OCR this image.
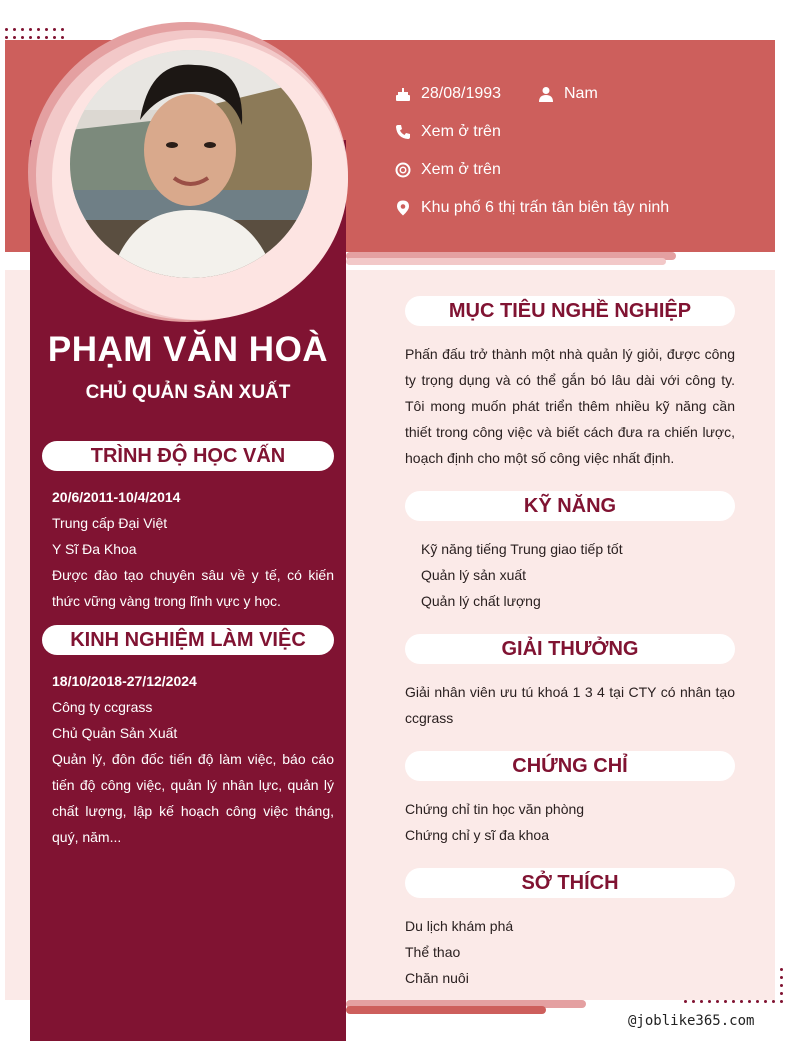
PHẠM VĂN HOÀ
CHỦ QUẢN SẢN XUẤT
28/08/1993	Nam
Xem ở trên
Xem ở trên
Khu phố 6 thị trấn tân biên tây ninh
TRÌNH ĐỘ HỌC VẤN
20/6/2011-10/4/2014
Trung cấp Đại Việt
Y Sĩ Đa Khoa
Được đào tạo chuyên sâu về y tế, có kiến thức vững vàng trong lĩnh vực y học.
KINH NGHIỆM LÀM VIỆC
18/10/2018-27/12/2024
Công ty ccgrass
Chủ Quản Sản Xuất
Quản lý, đôn đốc tiến độ làm việc, báo cáo tiến độ công việc, quản lý nhân lực, quản lý chất lượng, lập kế hoạch công việc tháng, quý, năm...
MỤC TIÊU NGHỀ NGHIỆP
Phấn đấu trở thành một nhà quản lý giỏi, được công ty trọng dụng và có thể gắn bó lâu dài với công ty. Tôi mong muốn phát triển thêm nhiều kỹ năng cần thiết trong công việc và biết cách đưa ra chiến lược, hoạch định cho một số công việc nhất định.
KỸ NĂNG
Kỹ năng tiếng Trung giao tiếp tốt
Quản lý sản xuất
Quản lý chất lượng
GIẢI THƯỞNG
Giải nhân viên ưu tú khoá 1 3 4 tại CTY có nhân tạo ccgrass
CHỨNG CHỈ
Chứng chỉ tin học văn phòng
Chứng chỉ y sĩ đa khoa
SỞ THÍCH
Du lịch khám phá
Thể thao
Chăn nuôi
@joblike365.com
